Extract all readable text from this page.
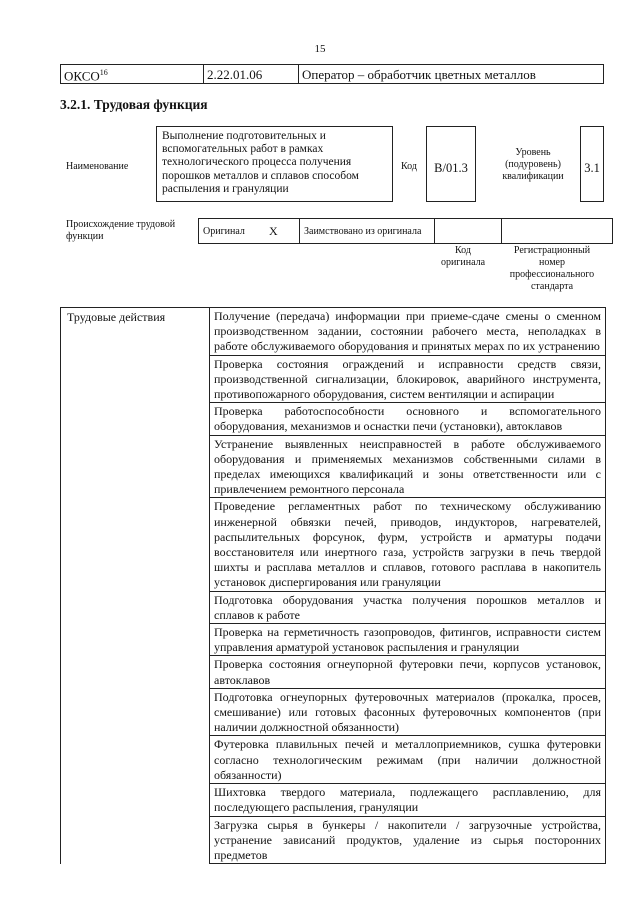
15
ОКСО$^{16}$	2.22.01.06	Оператор – обработчик цветных металлов
3.2.1. Трудовая функция
Наименование
Выполнение подготовительных и
вспомогательных работ в рамках
технологического процесса получения
порошков металлов и сплавов способом
распыления и грануляции
Код	B/01.3
Уровень
(подуровень)
квалификации
3.1
Происхождение трудовой функции	Оригинал	X	Заимствовано из оригинала		
Код
оригинала
Регистрационный
номер
профессионального
стандарта
Трудовые действия	Получение (передача) информации при приеме-сдаче смены о сменном производственном задании, состоянии рабочего места, неполадках в работе обслуживаемого оборудования и принятых мерах по их устранению
Проверка состояния ограждений и исправности средств связи, производственной сигнализации, блокировок, аварийного инструмента, противопожарного оборудования, систем вентиляции и аспирации
Проверка работоспособности основного и вспомогательного оборудования, механизмов и оснастки печи (установки), автоклавов
Устранение выявленных неисправностей в работе обслуживаемого оборудования и применяемых механизмов собственными силами в пределах имеющихся квалификаций и зоны ответственности или с привлечением ремонтного персонала
Проведение регламентных работ по техническому обслуживанию инженерной обвязки печей, приводов, индукторов, нагревателей, распылительных форсунок, фурм, устройств и арматуры подачи восстановителя или инертного газа, устройств загрузки в печь твердой шихты и расплава металлов и сплавов, готового расплава в накопитель установок диспергирования или грануляции
Подготовка оборудования участка получения порошков металлов и сплавов к работе
Проверка на герметичность газопроводов, фитингов, исправности систем управления арматурой установок распыления и грануляции
Проверка состояния огнеупорной футеровки печи, корпусов установок, автоклавов
Подготовка огнеупорных футеровочных материалов (прокалка, просев, смешивание) или готовых фасонных футеровочных компонентов (при наличии должностной обязанности)
Футеровка плавильных печей и металлоприемников, сушка футеровки согласно технологическим режимам (при наличии должностной обязанности)
Шихтовка твердого материала, подлежащего расплавлению, для последующего распыления, грануляции
Загрузка сырья в бункеры / накопители / загрузочные устройства, устранение зависаний продуктов, удаление из сырья посторонних предметов
